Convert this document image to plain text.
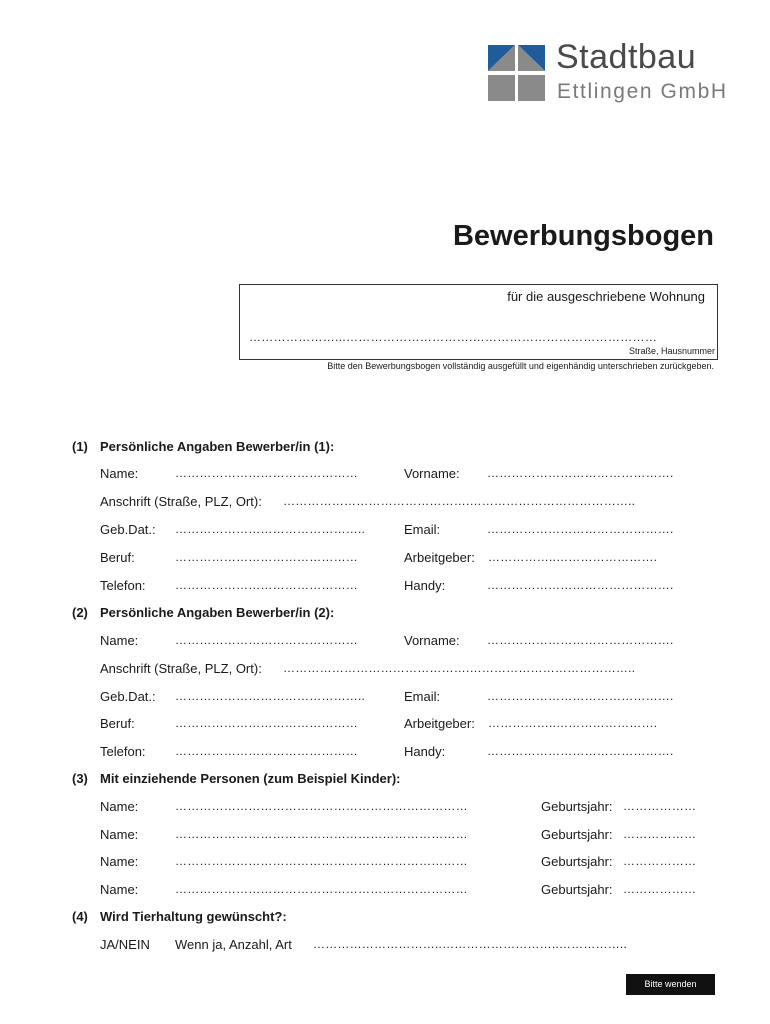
Stadtbau
Ettlingen GmbH
Bewerbungsbogen
für die ausgeschriebene Wohnung
…………………...………………………….………………………………………
Straße, Hausnummer
Bitte den Bewerbungsbogen vollständig ausgefüllt und eigenhändig unterschrieben zurückgeben.
(1) Persönliche Angaben Bewerber/in (1):
Name:	………………………………………	Vorname: ……………………………………….
Anschrift (Straße, PLZ, Ort): ……………………………………….…………………………………..
Geb.Dat.: ………………………………………..	Email:	……………………………………….
Beruf:	………………………………………	Arbeitgeber: ……………..…………………….
Telefon: ………………………………………	Handy:	……………………………………….
(2) Persönliche Angaben Bewerber/in (2):
Name:	………………………………………	Vorname: ……………………………………….
Anschrift (Straße, PLZ, Ort): ……………………………………….…………………………………..
Geb.Dat.: ………………………………………..	Email:	……………………………………….
Beruf:	………………………………………	Arbeitgeber: ……………..…………………….
Telefon: ………………………………………	Handy:	……………………………………….
(3) Mit einziehende Personen (zum Beispiel Kinder):
Name:	………………………………………………………………	Geburtsjahr: ………………
Name:	………………………………………………………………	Geburtsjahr: ………………
Name:	………………………………………………………………	Geburtsjahr: ………………
Name:	………………………………………………………………	Geburtsjahr: ………………
(4) Wird Tierhaltung gewünscht?:
JA/NEIN Wenn ja, Anzahl, Art …………………………..………………………..……………..
Bitte wenden
